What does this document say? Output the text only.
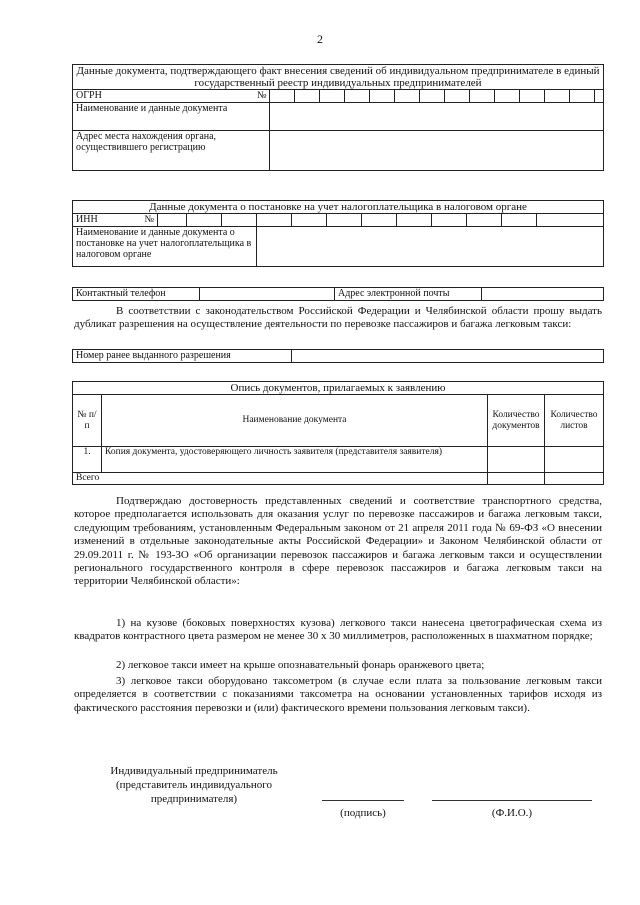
2
Данные документа, подтверждающего факт внесения сведений об индивидуальном предпринимателе в единый государственный реестр индивидуальных предпринимателей														
ОГРН №														

Наименование и данные документа														
Адрес места нахождения органа, осуществившего регистрацию														
Данные документа о постановке на учет налогоплательщика в налоговом органе												
ИНН №												

Наименование и данные документа о постановке на учет налогоплательщика в налоговом органе												
Контактный телефон		Адрес электронной почты	
В соответствии с законодательством Российской Федерации и Челябинской области прошу выдать дубликат разрешения на осуществление деятельности по перевозке пассажиров и багажа легковым такси:
Номер ранее выданного разрешения	
Опись документов, прилагаемых к заявлению			
№ п/п	Наименование документа	Количество документов	Количество листов
1.	Копия документа, удостоверяющего личность заявителя (представителя заявителя)		
Всего			
Подтверждаю достоверность представленных сведений и соответствие транспортного средства, которое предполагается использовать для оказания услуг по перевозке пассажиров и багажа легковым такси, следующим требованиям, установленным Федеральным законом от 21 апреля 2011 года № 69-ФЗ «О внесении изменений в отдельные законодательные акты Российской Федерации» и Законом Челябинской области от 29.09.2011 г. № 193-ЗО «Об организации перевозок пассажиров и багажа легковым такси и осуществлении регионального государственного контроля в сфере перевозок пассажиров и багажа легковым такси на территории Челябинской области»:
1) на кузове (боковых поверхностях кузова) легкового такси нанесена цветографическая схема из квадратов контрастного цвета размером не менее 30 х 30 миллиметров, расположенных в шахматном порядке;
2) легковое такси имеет на крыше опознавательный фонарь оранжевого цвета;
3) легковое такси оборудовано таксометром (в случае если плата за пользование легковым такси определяется в соответствии с показаниями таксометра на основании установленных тарифов исходя из фактического расстояния перевозки и (или) фактического времени пользования легковым такси).
Индивидуальный предприниматель
(представитель индивидуального
предпринимателя)
(подпись)	(Ф.И.О.)
